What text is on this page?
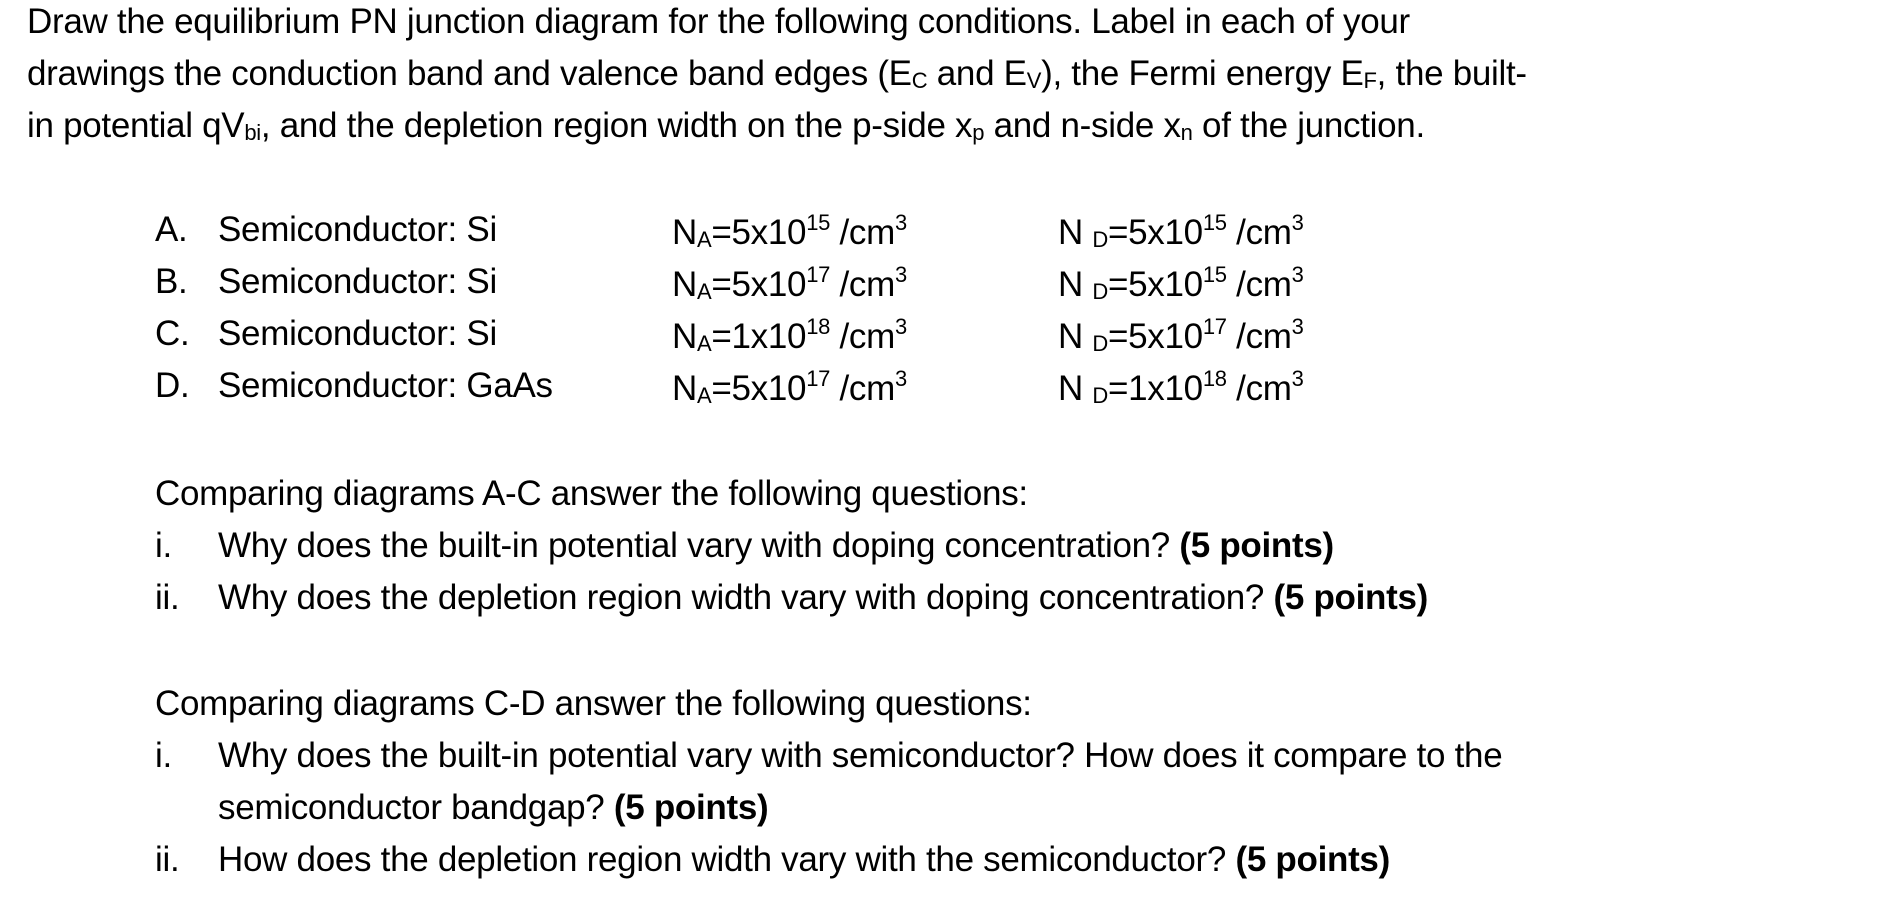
Draw the equilibrium PN junction diagram for the following conditions. Label in each of your
drawings the conduction band and valence band edges (EC and EV), the Fermi energy EF, the built-
in potential qVbi, and the depletion region width on the p-side xp and n-side xn of the junction.
A. Semiconductor: Si	$NA=5x10^{15}$ $/cm^3$	N $D=5x10^{15}$ $/cm^3$
B. Semiconductor: Si	$NA=5x10^{17}$ $/cm^3$	N $D=5x10^{15}$ $/cm^3$
C. Semiconductor: Si	$NA=1x10^{18}$ $/cm^3$	N $D=5x10^{17}$ $/cm^3$
D. Semiconductor: GaAs	$NA=5x10^{17}$ $/cm^3$	N $D=1x10^{18}$ $/cm^3$
Comparing diagrams A-C answer the following questions:
i. Why does the built-in potential vary with doping concentration? (5 points)
ii. Why does the depletion region width vary with doping concentration? (5 points)
Comparing diagrams C-D answer the following questions:
i. Why does the built-in potential vary with semiconductor? How does it compare to the
semiconductor bandgap? (5 points)
ii. How does the depletion region width vary with the semiconductor? (5 points)
